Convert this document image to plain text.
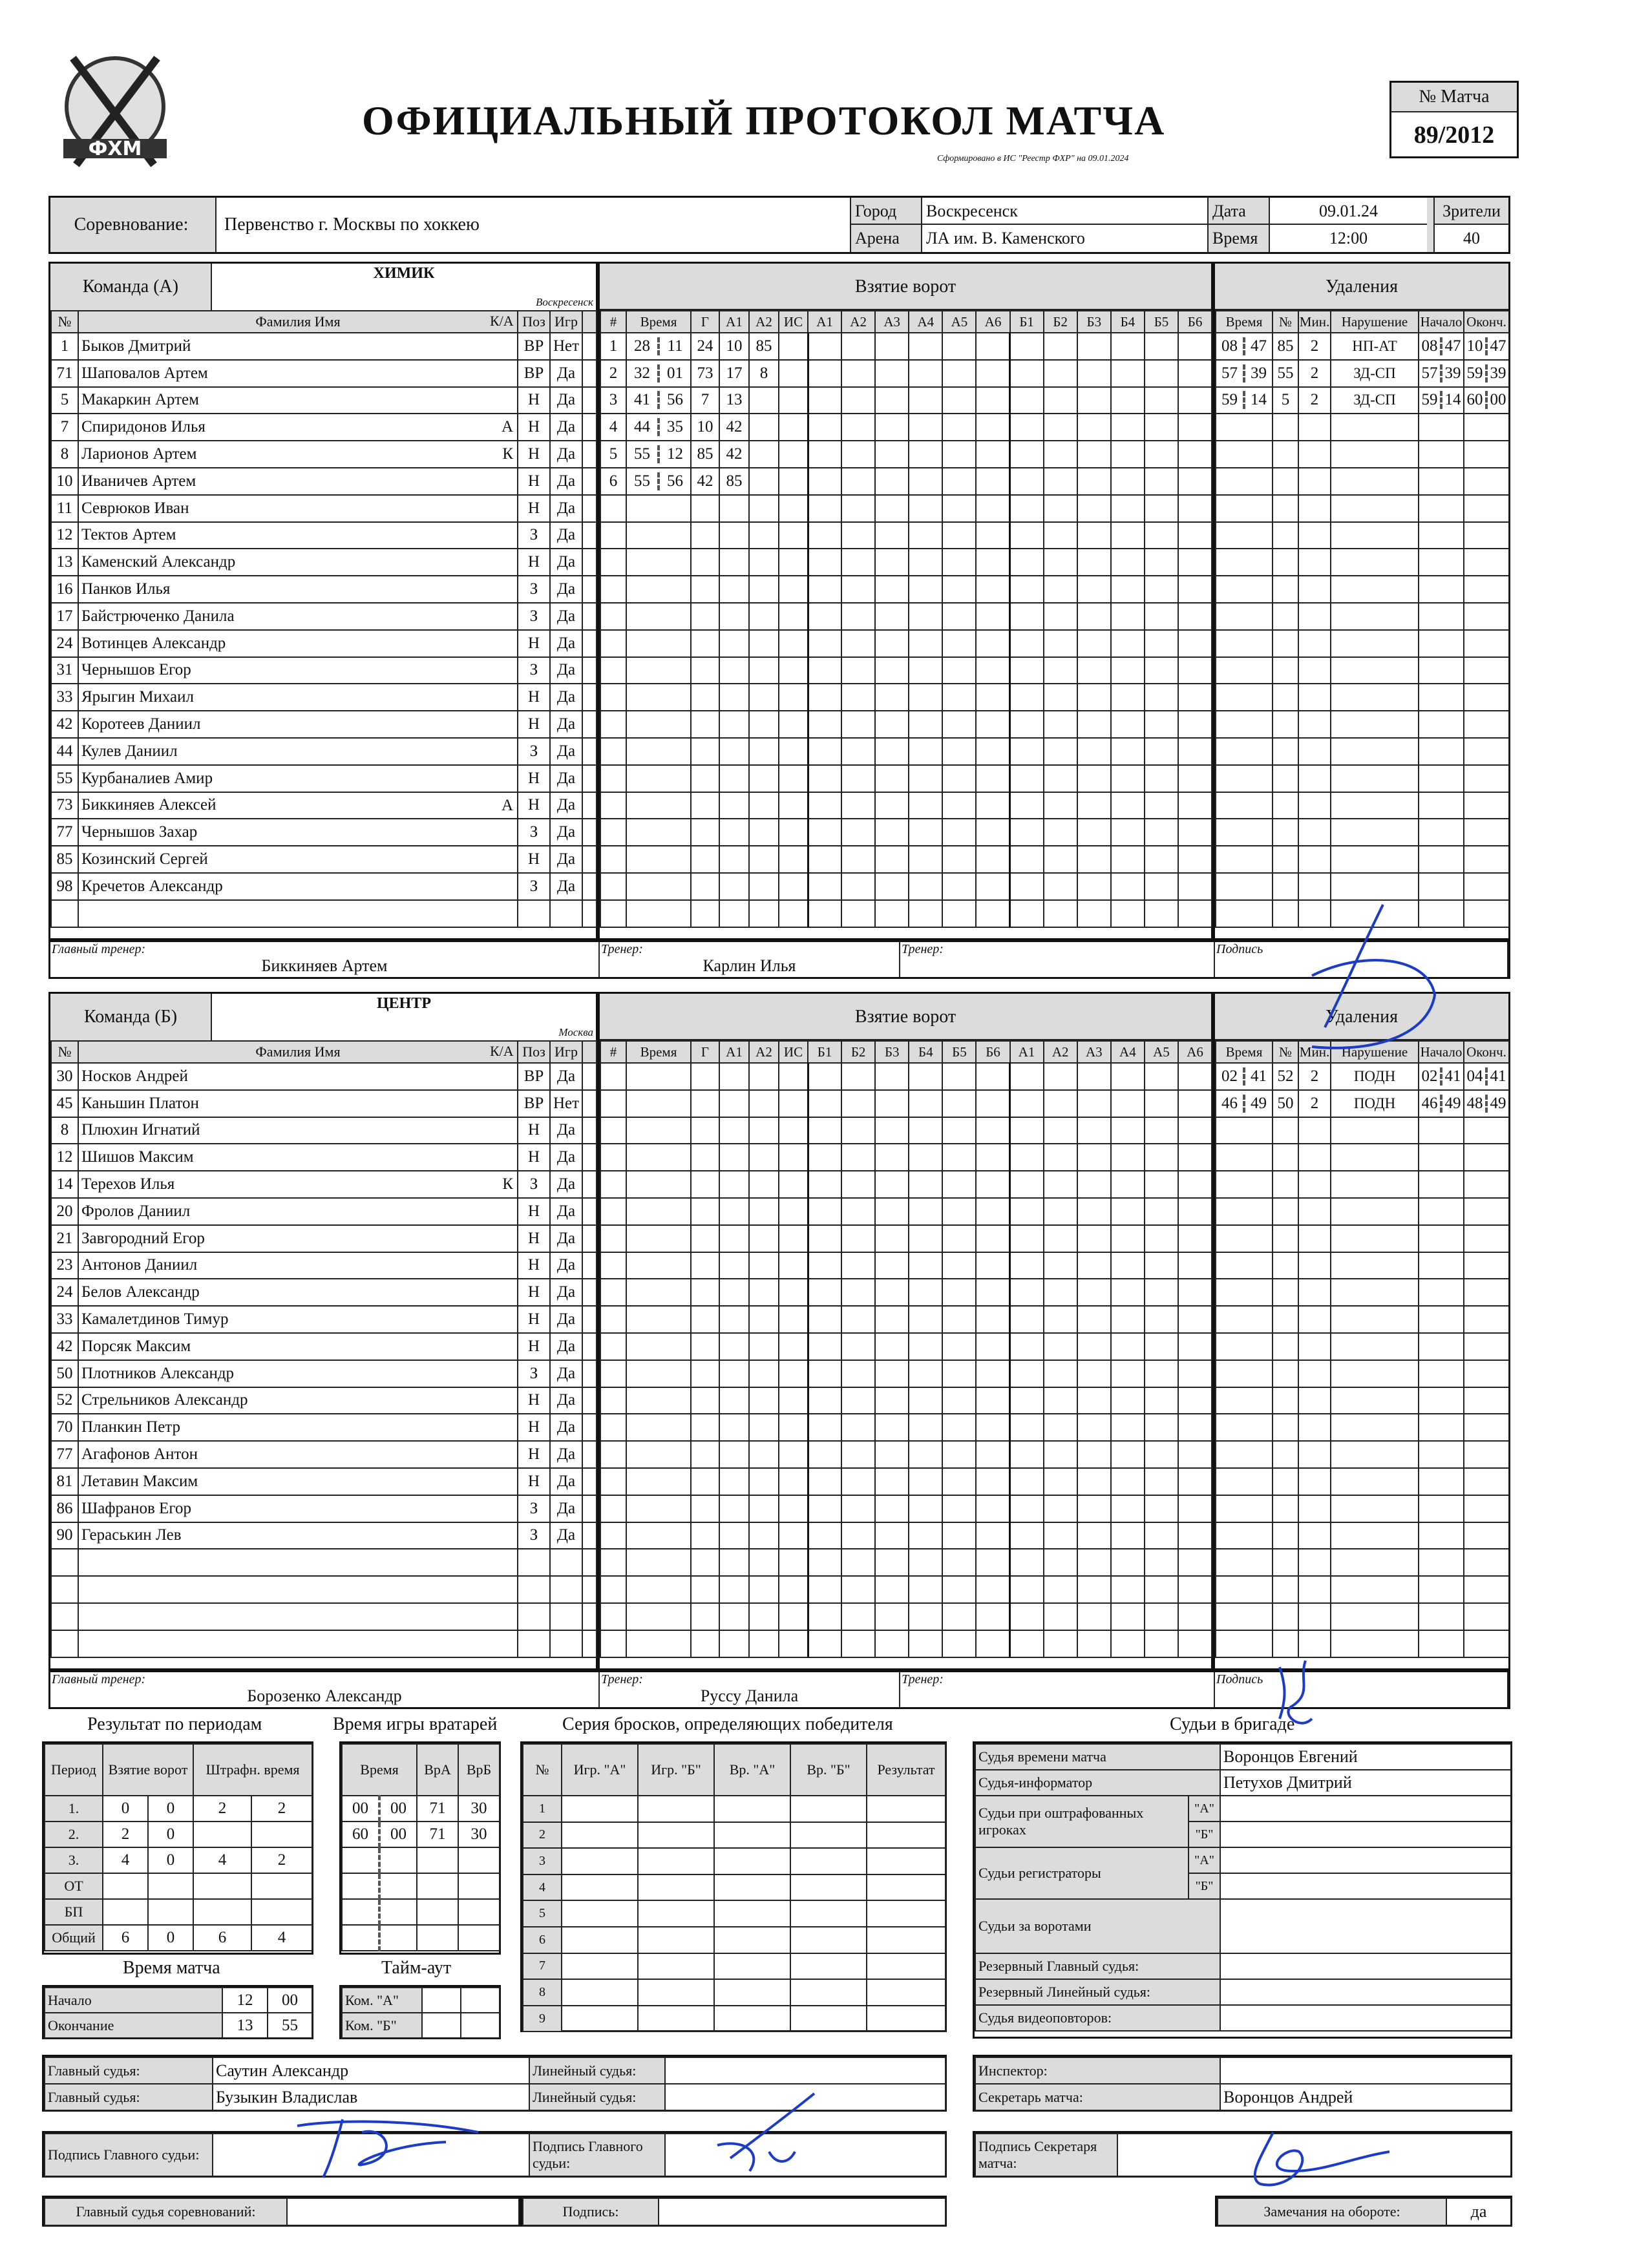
ФХМ
ОФИЦИАЛЬНЫЙ ПРОТОКОЛ МАТЧА
Сформировано в ИС "Реестр ФХР" на 09.01.2024
№ Матча
89/2012
Соревнование:	Первенство г. Москвы по хоккею
Город
Арена
Воскресенск
ЛА им. В. Каменского
Дата
Время
09.01.24
12:00
Зрители
40
Команда (А)
ХИМИК
Воскресенск
№	Фамилия Имя	Поз	Игр	
1	Быков Дмитрий	ВР	Нет	
71	Шаповалов Артем	ВР	Да	
5	Макаркин Артем	Н	Да	
7	Спиридонов Илья А	Н	Да	
8	Ларионов Артем К	Н	Да	
10	Иваничев Артем	Н	Да	
11	Севрюков Иван	Н	Да	
12	Тектов Артем	З	Да	
13	Каменский Александр	Н	Да	
16	Панков Илья	З	Да	
17	Байстрюченко Данила	З	Да	
24	Вотинцев Александр	Н	Да	
31	Чернышов Егор	З	Да	
33	Ярыгин Михаил	Н	Да	
42	Коротеев Даниил	Н	Да	
44	Кулев Даниил	З	Да	
55	Курбаналиев Амир	Н	Да	
73	Биккиняев Алексей А	Н	Да	
77	Чернышов Захар	З	Да	
85	Козинский Сергей	Н	Да	
98	Кречетов Александр	З	Да	

К/А
Взятие ворот
#	Время	Г	А1	А2	ИС	А1	А2	А3	А4	А5	А6	Б1	Б2	Б3	Б4	Б5	Б6
1	28 11	24	10	85													
2	32 01	73	17	8													
3	41 56	7	13														
4	44 35	10	42														
5	55 12	85	42														
6	55 56	42	85														

Удаления
Время	№	Мин.	Нарушение	Начало	Оконч.

08 47	85	2	НП-АТ	08 47	10 47

57 39	55	2	ЗД-СП	57 39	59 39

59 14	5	2	ЗД-СП	59 14	60 00

Главный тренер:
Биккиняев Артем
Тренер:
Карлин Илья
Тренер:	Подпись
Команда (Б)
ЦЕНТР
Москва
№	Фамилия Имя	Поз	Игр	
30	Носков Андрей	ВР	Да	
45	Каньшин Платон	ВР	Нет	
8	Плюхин Игнатий	Н	Да	
12	Шишов Максим	Н	Да	
14	Терехов Илья К	З	Да	
20	Фролов Даниил	Н	Да	
21	Завгородний Егор	Н	Да	
23	Антонов Даниил	Н	Да	
24	Белов Александр	Н	Да	
33	Камалетдинов Тимур	Н	Да	
42	Порсяк Максим	Н	Да	
50	Плотников Александр	З	Да	
52	Стрельников Александр	Н	Да	
70	Планкин Петр	Н	Да	
77	Агафонов Антон	Н	Да	
81	Летавин Максим	Н	Да	
86	Шафранов Егор	З	Да	
90	Гераськин Лев	З	Да	

К/А
Взятие ворот
#	Время	Г	А1	А2	ИС	Б1	Б2	Б3	Б4	Б5	Б6	А1	А2	А3	А4	А5	А6

Удаления
Время	№	Мин.	Нарушение	Начало	Оконч.

02 41	52	2	ПОДН	02 41	04 41

46 49	50	2	ПОДН	46 49	48 49

Главный тренер:
Борозенко Александр
Тренер:
Руссу Данила
Тренер:	Подпись
Результат по периодам	Время игры вратарей	Серия бросков, определяющих победителя	Судьи в бригаде
Период	Взятие ворот		Штрафн. время	
1.	0	0	2	2
2.	2	0		
3.	4	0	4	2
ОТ				
БП				
Общий	6	0	6	4
Время		ВрА	ВрБ
00	00	71	30
60	00	71	30

№	Игр. "А"	Игр. "Б"	Вр. "А"	Вр. "Б"	Результат
1					
2					
3					
4					
5					
6					
7					
8					
9					
Время матча
Начало	12	00
Окончание	13	55
Тайм-аут
Ком. "А"		
Ком. "Б"		
Судья времени матча		Воронцов Евгений
Судья-информатор		Петухов Дмитрий
Судьи при оштрафованных игроках	"А"	
	"Б"	
Судьи регистраторы	"А"	
	"Б"	
Судьи за воротами		
Резервный Главный судья:		
Резервный Линейный судья:		
Судья видеоповторов:		
Главный судья:	Саутин Александр	Линейный судья:	
Главный судья:	Бузыкин Владислав	Линейный судья:	
Инспектор:	
Секретарь матча:	Воронцов Андрей
Подпись Главного судьи:		Подпись Главного судьи:	
Подпись Секретаря матча:	
Главный судья соревнований:		Подпись:		Замечания на обороте:	да
